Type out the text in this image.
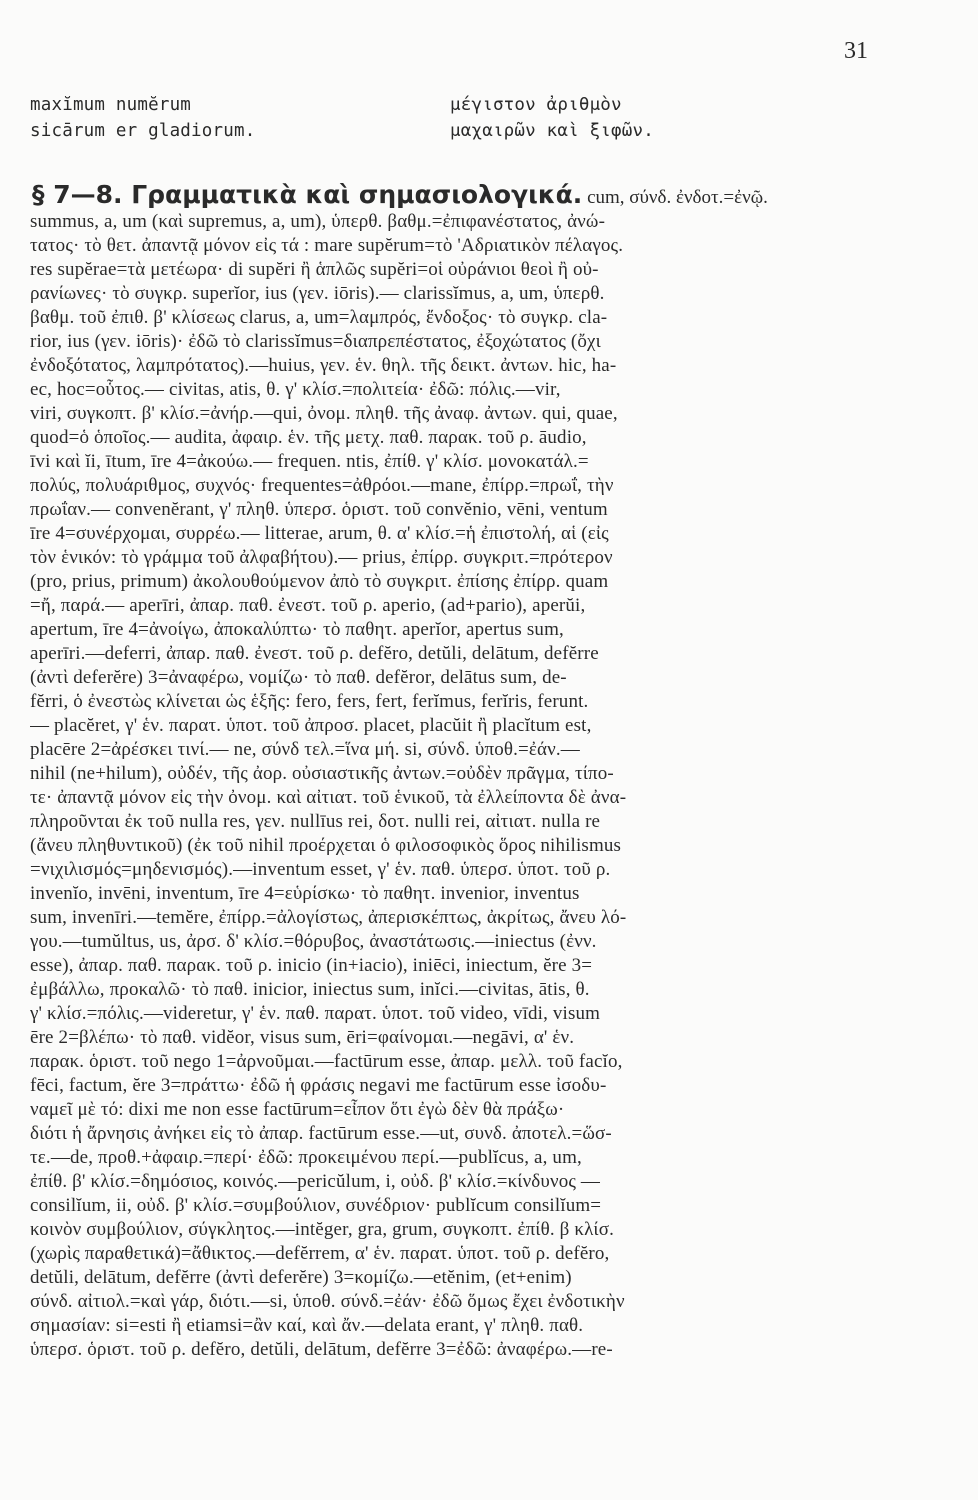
31
maxĭmum numĕrum	μέγιστον ἀριθμὸν
sicārum er gladiorum.	μαχαιρῶν καὶ ξιφῶν.
§ 7—8. Γραμματικὰ καὶ σημασιολογικά. cum, σύνδ. ἐνδοτ.=ἐνῷ.
summus, a, um (καὶ supremus, a, um), ὑπερθ. βαθμ.=ἐπιφανέστατος, ἀνώ-
τατος· τὸ θετ. ἀπαντᾷ μόνον εἰς τά : mare supĕrum=τὸ 'Αδριατικὸν πέλαγος.
res supĕrae=τὰ μετέωρα· di supĕri ἢ ἁπλῶς supĕri=οἱ οὐράνιοι θεοὶ ἢ οὐ-
ρανίωνες· τὸ συγκρ. superĭor, ius (γεν. iōris).— clarissĭmus, a, um, ὑπερθ.
βαθμ. τοῦ ἐπιθ. β' κλίσεως clarus, a, um=λαμπρός, ἔνδοξος· τὸ συγκρ. cla-
rior, ius (γεν. iōris)· ἐδῶ τὸ clarissĭmus=διαπρεπέστατος, ἐξοχώτατος (ὄχι
ἐνδοξότατος, λαμπρότατος).—huius, γεν. ἑν. θηλ. τῆς δεικτ. ἀντων. hic, ha-
ec, hoc=οὗτος.— civitas, atis, θ. γ' κλίσ.=πολιτεία· ἐδῶ: πόλις.—vir,
viri, συγκοπτ. β' κλίσ.=ἀνήρ.—qui, ὀνομ. πληθ. τῆς ἀναφ. ἀντων. qui, quae,
quod=ὁ ὁποῖος.— audita, ἀφαιρ. ἑν. τῆς μετχ. παθ. παρακ. τοῦ ρ. āudio,
īvi καὶ ĭi, ītum, īre 4=ἀκούω.— frequen. ntis, ἐπίθ. γ' κλίσ. μονοκατάλ.=
πολύς, πολυάριθμος, συχνός· frequentes=ἀθρόοι.—mane, ἐπίρρ.=πρωΐ, τὴν
πρωΐαν.— convenĕrant, γ' πληθ. ὑπερσ. ὁριστ. τοῦ convĕnio, vēni, ventum
īre 4=συνέρχομαι, συρρέω.— litterae, arum, θ. α' κλίσ.=ἡ ἐπιστολή, αἱ (εἰς
τὸν ἑνικόν: τὸ γράμμα τοῦ ἀλφαβήτου).— prius, ἐπίρρ. συγκριτ.=πρότερον
(pro, prius, primum) ἀκολουθούμενον ἀπὸ τὸ συγκριτ. ἐπίσης ἐπίρρ. quam
=ἤ, παρά.— aperīri, ἀπαρ. παθ. ἐνεστ. τοῦ ρ. aperio, (ad+pario), aperŭi,
apertum, īre 4=ἀνοίγω, ἀποκαλύπτω· τὸ παθητ. aperĭor, apertus sum,
aperīri.—deferri, ἀπαρ. παθ. ἐνεστ. τοῦ ρ. defĕro, detŭli, delātum, defĕrre
(ἀντὶ deferĕre) 3=ἀναφέρω, νομίζω· τὸ παθ. defĕror, delātus sum, de-
fĕrri, ὁ ἐνεστὼς κλίνεται ὡς ἑξῆς: fero, fers, fert, ferĭmus, ferĭris, ferunt.
— placĕret, γ' ἑν. παρατ. ὑποτ. τοῦ ἀπροσ. placet, placŭit ἢ placĭtum est,
placēre 2=ἀρέσκει τινί.— ne, σύνδ τελ.=ἵνα μή. si, σύνδ. ὑποθ.=ἐάν.—
nihil (ne+hilum), οὐδέν, τῆς ἀορ. οὐσιαστικῆς ἀντων.=οὐδὲν πρᾶγμα, τίπο-
τε· ἀπαντᾷ μόνον εἰς τὴν ὀνομ. καὶ αἰτιατ. τοῦ ἑνικοῦ, τὰ ἐλλείποντα δὲ ἀνα-
πληροῦνται ἐκ τοῦ nulla res, γεν. nullīus rei, δοτ. nulli rei, αἰτιατ. nulla re
(ἄνευ πληθυντικοῦ) (ἐκ τοῦ nihil προέρχεται ὁ φιλοσοφικὸς ὅρος nihilismus
=νιχιλισμός=μηδενισμός).—inventum esset, γ' ἑν. παθ. ὑπερσ. ὑποτ. τοῦ ρ.
invenĭo, invēni, inventum, īre 4=εὑρίσκω· τὸ παθητ. invenior, inventus
sum, invenīri.—temĕre, ἐπίρρ.=ἀλογίστως, ἀπερισκέπτως, ἀκρίτως, ἄνευ λό-
γου.—tumŭltus, us, ἀρσ. δ' κλίσ.=θόρυβος, ἀναστάτωσις.—iniectus (ἐνν.
esse), ἀπαρ. παθ. παρακ. τοῦ ρ. inicio (in+iacio), iniēci, iniectum, ĕre 3=
ἐμβάλλω, προκαλῶ· τὸ παθ. inicior, iniectus sum, inĭci.—civitas, ātis, θ.
γ' κλίσ.=πόλις.—videretur, γ' ἑν. παθ. παρατ. ὑποτ. τοῦ video, vīdi, visum
ēre 2=βλέπω· τὸ παθ. vidĕor, visus sum, ēri=φαίνομαι.—negāvi, α' ἑν.
παρακ. ὁριστ. τοῦ nego 1=ἀρνοῦμαι.—factūrum esse, ἀπαρ. μελλ. τοῦ facĭo,
fēci, factum, ĕre 3=πράττω· ἐδῶ ἡ φράσις negavi me factūrum esse ἰσοδυ-
ναμεῖ μὲ τό: dixi me non esse factūrum=εἶπον ὅτι ἐγὼ δὲν θὰ πράξω·
διότι ἡ ἄρνησις ἀνήκει εἰς τὸ ἀπαρ. factūrum esse.—ut, συνδ. ἀποτελ.=ὥσ-
τε.—de, προθ.+ἀφαιρ.=περί· ἐδῶ: προκειμένου περί.—publĭcus, a, um,
ἐπίθ. β' κλίσ.=δημόσιος, κοινός.—pericŭlum, i, οὐδ. β' κλίσ.=κίνδυνος —
consilĭum, ii, οὐδ. β' κλίσ.=συμβούλιον, συνέδριον· publĭcum consilĭum=
κοινὸν συμβούλιον, σύγκλητος.—intĕger, gra, grum, συγκοπτ. ἐπίθ. β κλίσ.
(χωρὶς παραθετικά)=ἄθικτος.—defĕrrem, α' ἑν. παρατ. ὑποτ. τοῦ ρ. defĕro,
detŭli, delātum, defĕrre (ἀντὶ deferĕre) 3=κομίζω.—etĕnim, (et+enim)
σύνδ. αἰτιολ.=καὶ γάρ, διότι.—si, ὑποθ. σύνδ.=ἐάν· ἐδῶ ὅμως ἔχει ἐνδοτικὴν
σημασίαν: si=esti ἢ etiamsi=ἂν καί, καὶ ἄν.—delata erant, γ' πληθ. παθ.
ὑπερσ. ὁριστ. τοῦ ρ. defĕro, detŭli, delātum, defĕrre 3=ἐδῶ: ἀναφέρω.—re-
